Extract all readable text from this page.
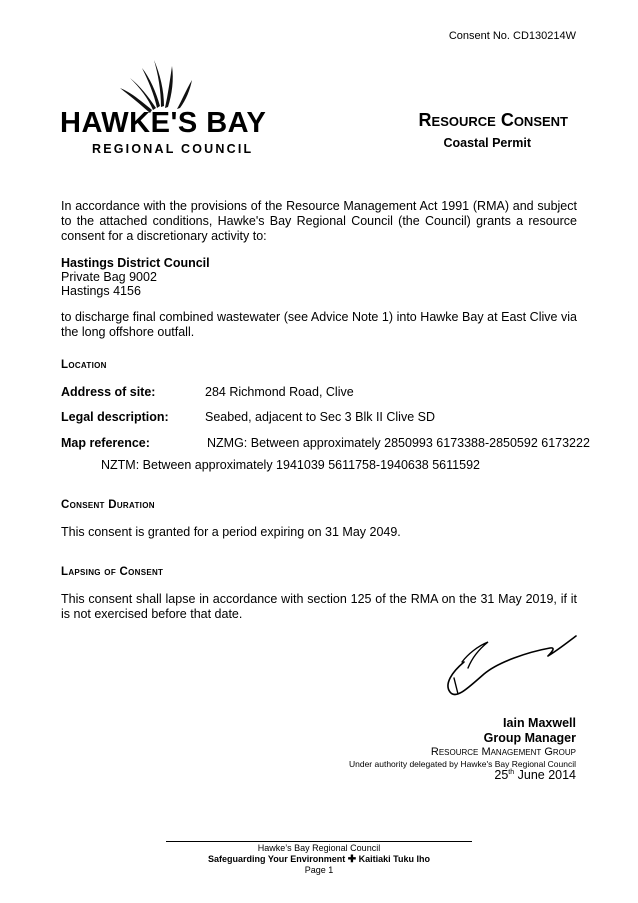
Consent No. CD130214W
HAWKE'S BAY
REGIONAL COUNCIL
Resource Consent
Coastal Permit
In accordance with the provisions of the Resource Management Act 1991 (RMA) and subject to the attached conditions, Hawke's Bay Regional Council (the Council) grants a resource consent for a discretionary activity to:
Hastings District Council
Private Bag 9002
Hastings 4156
to discharge final combined wastewater (see Advice Note 1) into Hawke Bay at East Clive via the long offshore outfall.
Location
Address of site:	284 Richmond Road, Clive
Legal description:	Seabed, adjacent to Sec 3 Blk II Clive SD
Map reference:	NZMG: Between approximately 2850993 6173388-2850592 6173222
NZTM: Between approximately 1941039 5611758-1940638 5611592
Consent Duration
This consent is granted for a period expiring on 31 May 2049.
Lapsing of Consent
This consent shall lapse in accordance with section 125 of the RMA on the 31 May 2019, if it is not exercised before that date.
Iain Maxwell
Group Manager
Resource Management Group
Under authority delegated by Hawke's Bay Regional Council
25th June 2014
Hawke’s Bay Regional Council
Safeguarding Your Environment ✚ Kaitiaki Tuku Iho
Page 1
